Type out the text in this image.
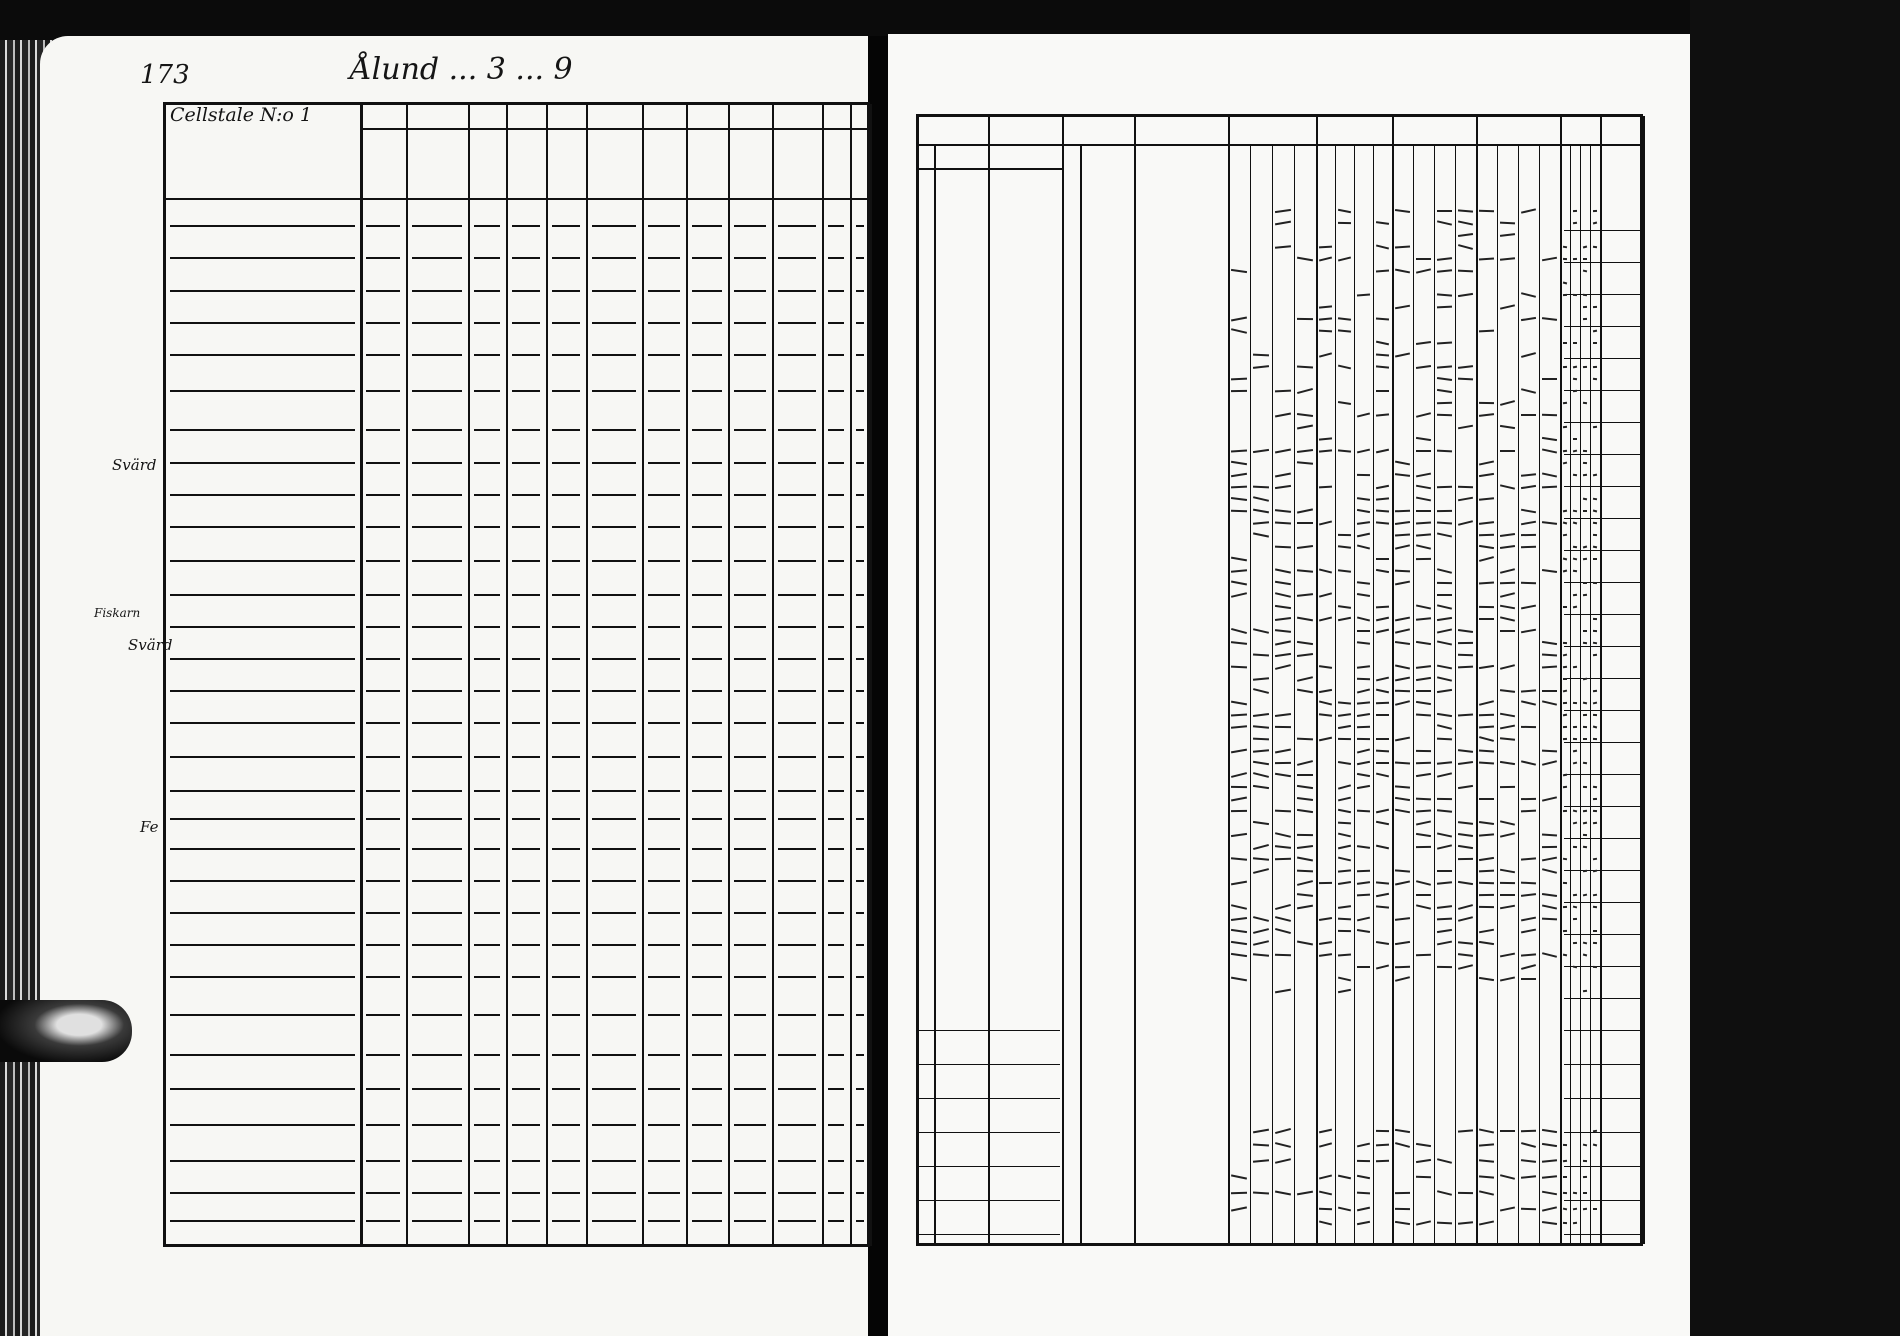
173	Ålund ... 3 ... 9
Cellstale N:o 1
Svärd
Fiskarn
Svärd
Fe
